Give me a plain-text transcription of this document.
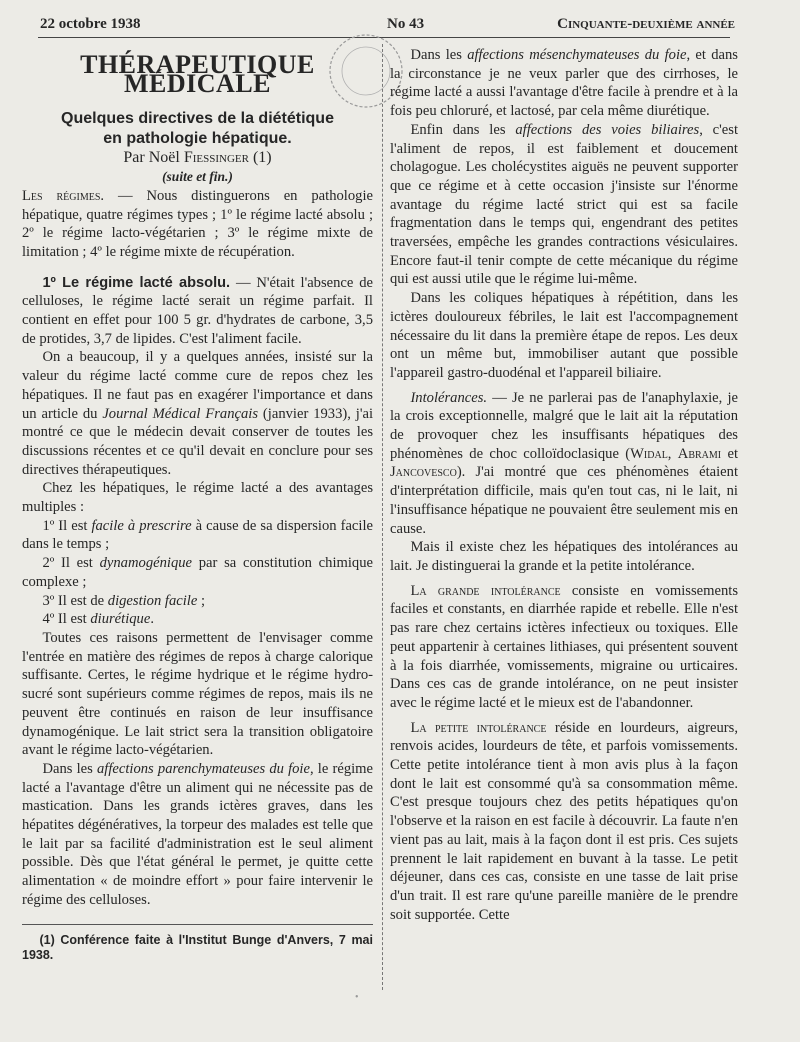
22 octobre 1938	No 43	Cinquante-deuxième année
THÉRAPEUTIQUE MÉDICALE

Quelques directives de la diététique

en pathologie hépatique.

Par Noël Fiessinger (1)

(suite et fin.)

Les régimes. — Nous distinguerons en pathologie hépatique, quatre régimes types ; 1º le régime lacté absolu ; 2º le régime lacto-végétarien ; 3º le régime mixte de limitation ; 4º le régime mixte de récupération.

1º Le régime lacté absolu. — N'était l'absence de celluloses, le régime lacté serait un régime parfait. Il contient en effet pour 100 5 gr. d'hydrates de carbone, 3,5 de protides, 3,7 de lipides. C'est l'aliment facile.

On a beaucoup, il y a quelques années, insisté sur la valeur du régime lacté comme cure de repos chez les hépatiques. Il ne faut pas en exagérer l'importance et dans un article du Journal Médical Français (janvier 1933), j'ai montré ce que le médecin devait conserver de toutes les discussions récentes et ce qu'il devait en conclure pour ses directives thérapeutiques.

Chez les hépatiques, le régime lacté a des avantages multiples :

1º Il est facile à prescrire à cause de sa dispersion facile dans le temps ;

2º Il est dynamogénique par sa constitution chimique complexe ;

3º Il est de digestion facile ;

4º Il est diurétique.

Toutes ces raisons permettent de l'envisager comme l'entrée en matière des régimes de repos à charge calorique suffisante. Certes, le régime hydrique et le régime hydro-sucré sont supérieurs comme régimes de repos, mais ils ne peuvent être continués en raison de leur insuffisance dynamogénique. Le lait strict sera la transition obligatoire avant le régime lacto-végétarien.

Dans les affections parenchymateuses du foie, le régime lacté a l'avantage d'être un aliment qui ne nécessite pas de mastication. Dans les grands ictères graves, dans les hépatites dégénératives, la torpeur des malades est telle que le lait par sa facilité d'administration est le seul aliment possible. Dès que l'état général le permet, je quitte cette alimentation « de moindre effort » pour faire intervenir le régime des celluloses.

(1) Conférence faite à l'Institut Bunge d'Anvers, 7 mai 1938.

Dans les affections mésenchymateuses du foie, et dans la circonstance je ne veux parler que des cirrhoses, le régime lacté a aussi l'avantage d'être facile à prendre et à la fois peu chloruré, et lactosé, par cela même diurétique.

Enfin dans les affections des voies biliaires, c'est l'aliment de repos, il est faiblement et doucement cholagogue. Les cholécystites aiguës ne peuvent supporter que ce régime et à cette occasion j'insiste sur l'énorme avantage du régime lacté strict qui est sa facile fragmentation dans le temps qui, engendrant des petites traversées, empêche les grandes contractions vésiculaires. Encore faut-il tenir compte de cette mécanique du régime qui est aussi utile que le régime lui-même.

Dans les coliques hépatiques à répétition, dans les ictères douloureux fébriles, le lait est l'accompagnement nécessaire du lit dans la première étape de repos. Les deux ont un même but, immobiliser autant que possible l'appareil gastro-duodénal et l'appareil biliaire.

Intolérances. — Je ne parlerai pas de l'anaphylaxie, je la crois exceptionnelle, malgré que le lait ait la réputation de provoquer chez les insuffisants hépatiques des phénomènes de choc colloïdoclasique (Widal, Abrami et Jancovesco). J'ai montré que ces phénomènes étaient d'interprétation difficile, mais qu'en tout cas, ni le lait, ni l'insuffisance hépatique ne pouvaient être seulement mis en cause.

Mais il existe chez les hépatiques des intolérances au lait. Je distinguerai la grande et la petite intolérance.

La grande intolérance consiste en vomissements faciles et constants, en diarrhée rapide et rebelle. Elle n'est pas rare chez certains ictères infectieux ou toxiques. Elle peut appartenir à certaines lithiases, qui présentent souvent à la fois diarrhée, vomissements, migraine ou urticaires. Dans ces cas de grande intolérance, on ne peut insister avec le régime lacté et le mieux est de l'abandonner.

La petite intolérance réside en lourdeurs, aigreurs, renvois acides, lourdeurs de tête, et parfois vomissements. Cette petite intolérance tient à mon avis plus à la façon dont le lait est consommé qu'à sa consommation même. C'est presque toujours chez des petits hépatiques qu'on l'observe et la raison en est facile à découvrir. La faute n'en vient pas au lait, mais à la façon dont il est pris. Ces sujets prennent le lait rapidement en buvant à la tasse. Le petit déjeuner, dans ces cas, consiste en une tasse de lait prise d'un trait. Il est rare qu'une pareille manière de le prendre soit supportée. Cette

•
